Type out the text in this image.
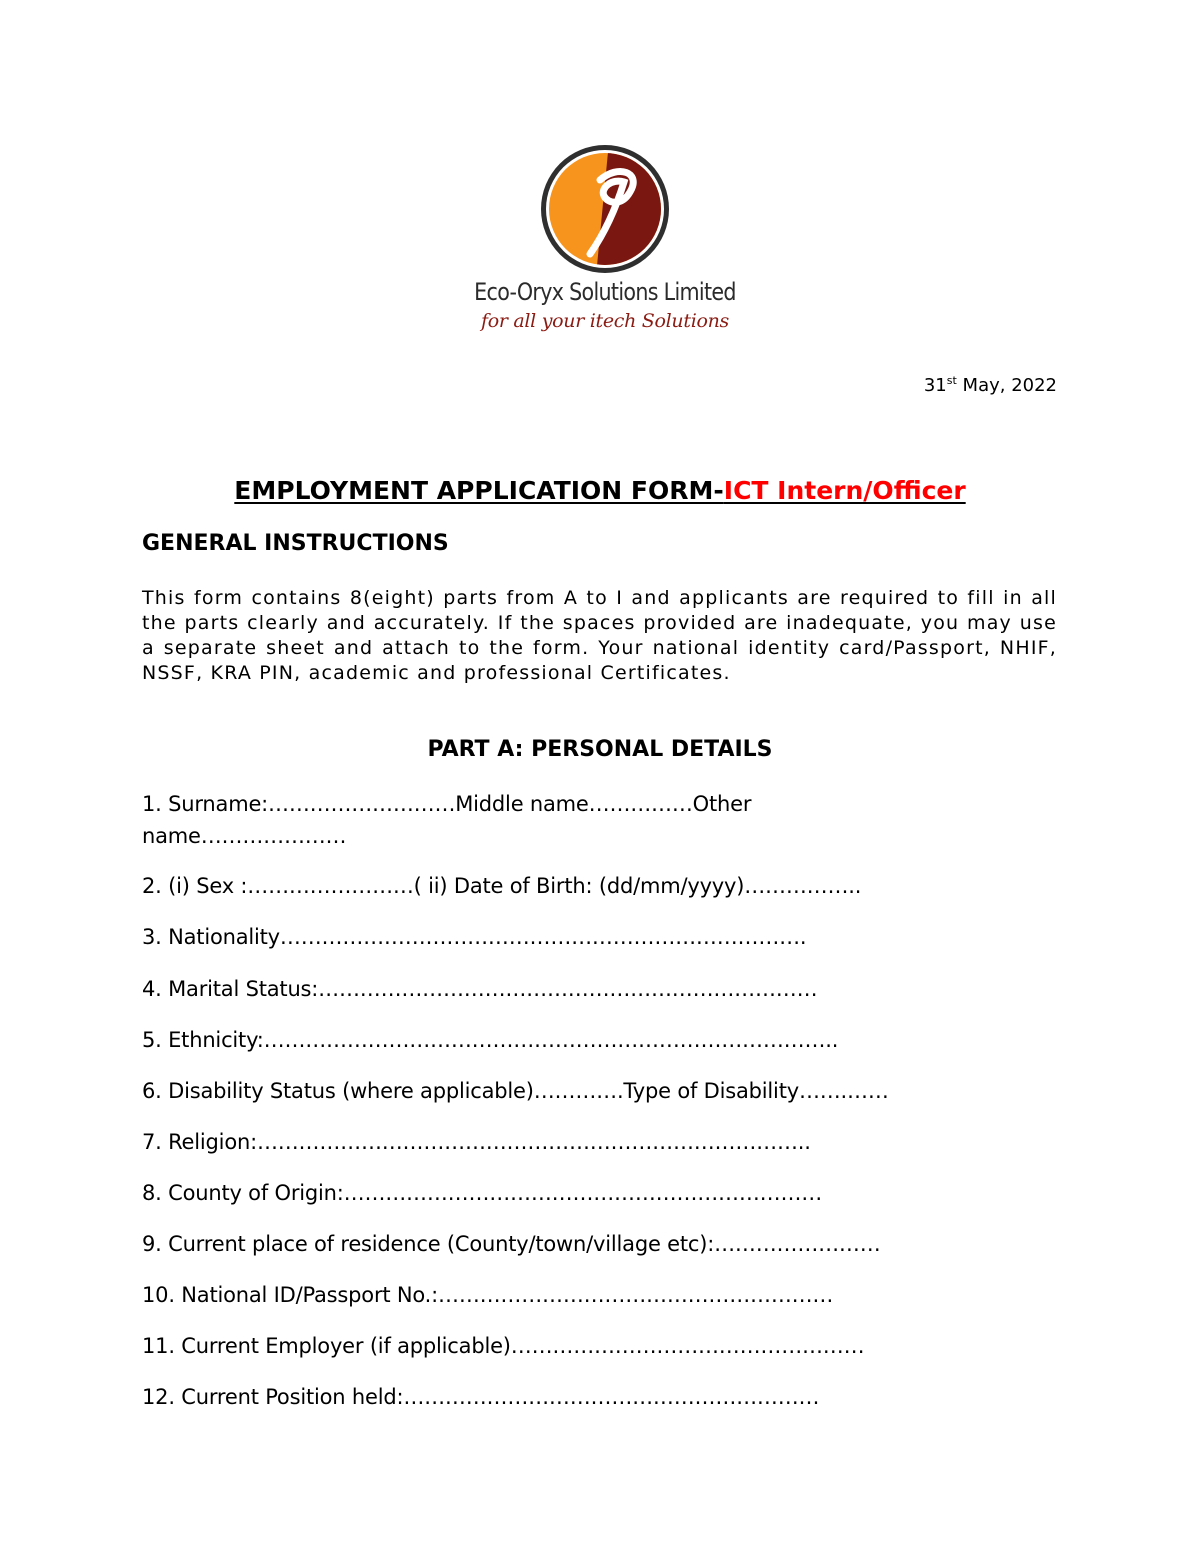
Eco-Oryx Solutions Limited
for all your itech Solutions
31st May, 2022
EMPLOYMENT APPLICATION FORM-ICT Intern/Officer
GENERAL INSTRUCTIONS

This form contains 8(eight) parts from A to I and applicants are required to fill in all the parts clearly and accurately. If the spaces provided are inadequate, you may use a separate sheet and attach to the form. Your national identity card/Passport, NHIF, NSSF, KRA PIN, academic and professional Certificates.

PART A: PERSONAL DETAILS

1. Surname:………………………Middle name……………Other name…………………

2. (i) Sex :……………………( ii) Date of Birth: (dd/mm/yyyy)……………..

3. Nationality………………………………………………………………….

4. Marital Status:………………………………………………………………

5. Ethnicity:………………………………………………………………………..

6. Disability Status (where applicable)………….Type of Disability…….……

7. Religion:……………………………………………………………………..

8. County of Origin:……………………………………………………………

9. Current place of residence (County/town/village etc):……………………

10. National ID/Passport No.:…………………………………………………

11. Current Employer (if applicable)……………………………………………

12. Current Position held:……………………………………………………
